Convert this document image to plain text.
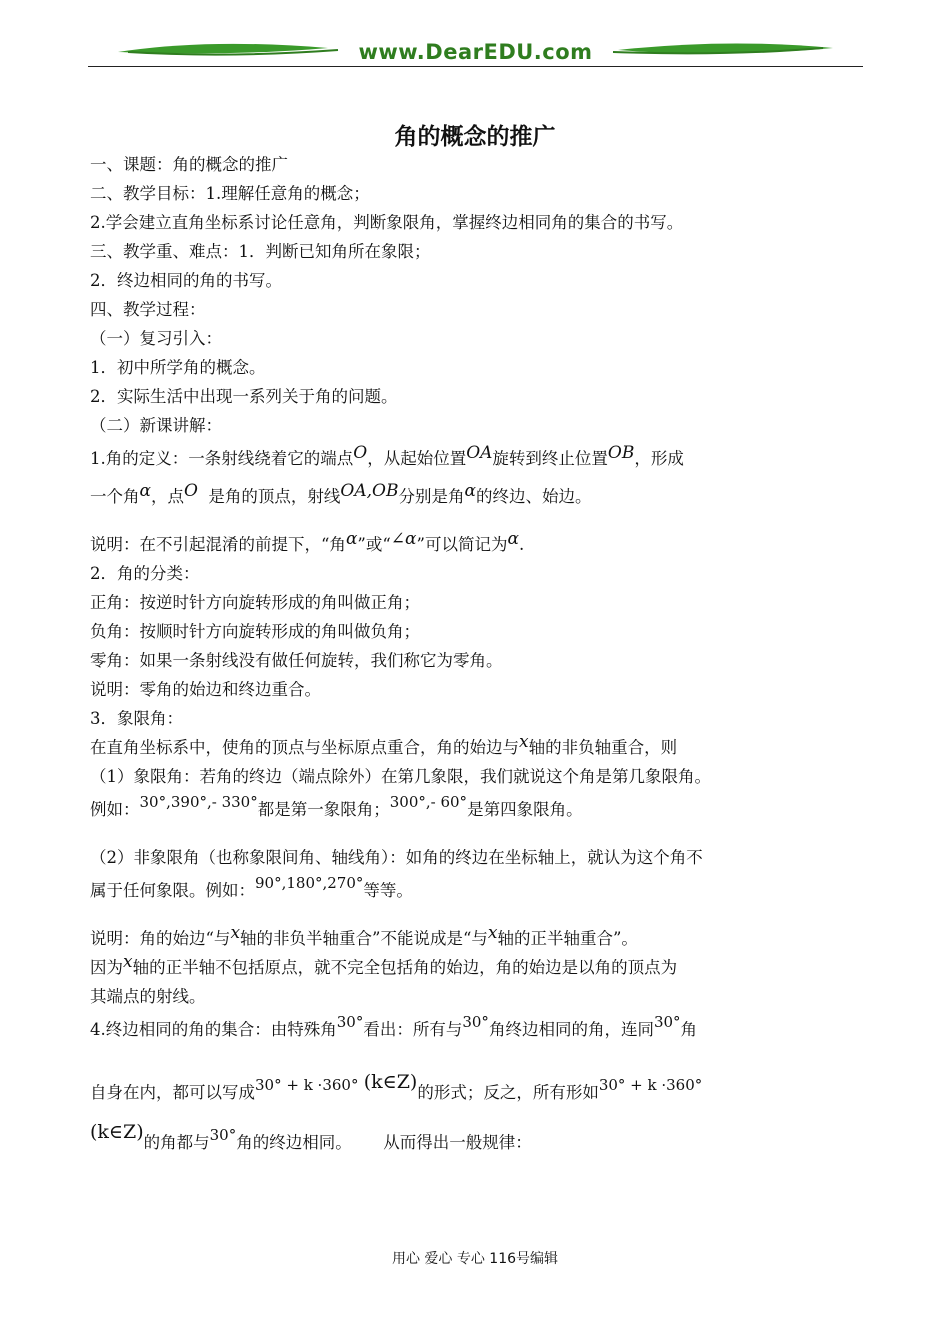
www.DearEDU.com
角的概念的推广
一、课题：角的概念的推广
二、教学目标：1.理解任意角的概念；
2.学会建立直角坐标系讨论任意角，判断象限角，掌握终边相同角的集合的书写。
三、教学重、难点：1．判断已知角所在象限；
2．终边相同的角的书写。
四、教学过程：
（一）复习引入：
1．初中所学角的概念。
2．实际生活中出现一系列关于角的问题。
（二）新课讲解：
1.角的定义：一条射线绕着它的端点O，从起始位置OA旋转到终止位置OB，形成
一个角α，点O 是角的顶点，射线OA,OB分别是角α的终边、始边。
说明：在不引起混淆的前提下，“角α”或“∠α”可以简记为α.
2．角的分类：
正角：按逆时针方向旋转形成的角叫做正角；
负角：按顺时针方向旋转形成的角叫做负角；
零角：如果一条射线没有做任何旋转，我们称它为零角。
说明：零角的始边和终边重合。
3．象限角：
在直角坐标系中，使角的顶点与坐标原点重合，角的始边与x轴的非负轴重合，则
（1）象限角：若角的终边（端点除外）在第几象限，我们就说这个角是第几象限角。
例如：30°,390°,- 330°都是第一象限角；300°,- 60°是第四象限角。
（2）非象限角（也称象限间角、轴线角）：如角的终边在坐标轴上，就认为这个角不
属于任何象限。例如：90°,180°,270°等等。
说明：角的始边“与x轴的非负半轴重合”不能说成是“与x轴的正半轴重合”。
因为x轴的正半轴不包括原点，就不完全包括角的始边，角的始边是以角的顶点为
其端点的射线。
4.终边相同的角的集合：由特殊角30°看出：所有与30°角终边相同的角，连同30°角
自身在内，都可以写成30° + k ·360° (k∈Z)的形式；反之，所有形如30° + k ·360°
(k∈Z)的角都与30°角的终边相同。 从而得出一般规律：
用心 爱心 专心 116号编辑
